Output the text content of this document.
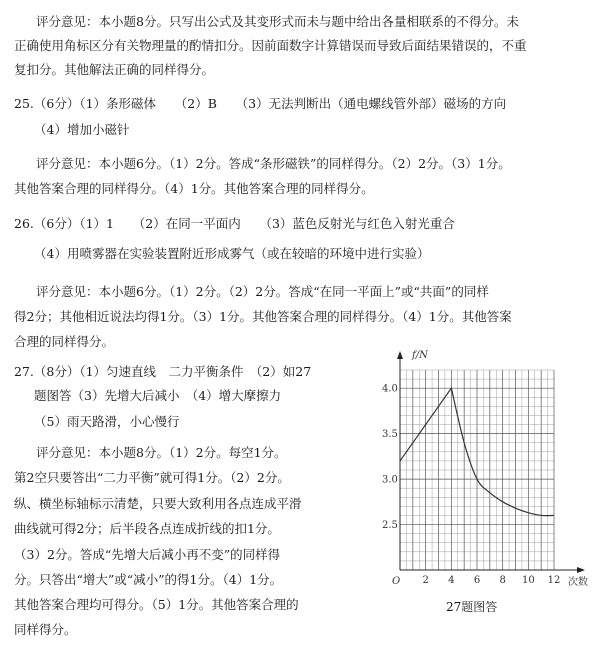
评分意见：本小题8分。只写出公式及其变形式而未与题中给出各量相联系的不得分。未
正确使用角标区分有关物理量的酌情扣分。因前面数字计算错误而导致后面结果错误的，不重
复扣分。其他解法正确的同样得分。
25.（6分）（1）条形磁体　　（2）B　　（3）无法判断出（通电螺线管外部）磁场的方向
（4）增加小磁针
评分意见：本小题6分。（1）2分。答成“条形磁铁”的同样得分。（2）2分。（3）1分。
其他答案合理的同样得分。（4）1分。其他答案合理的同样得分。
26.（6分）（1）1　　（2）在同一平面内　　（3）蓝色反射光与红色入射光重合
（4）用喷雾器在实验装置附近形成雾气（或在较暗的环境中进行实验）
评分意见：本小题6分。（1）2分。（2）2分。答成“在同一平面上”或“共面”的同样
得2分；其他相近说法均得1分。（3）1分。其他答案合理的同样得分。（4）1分。其他答案
合理的同样得分。
27.（8分）（1）匀速直线　二力平衡条件　（2）如27
题图答（3）先增大后减小　（4）增大摩擦力
（5）雨天路滑，小心慢行
评分意见：本小题8分。（1）2分。每空1分。
第2空只要答出“二力平衡”就可得1分。（2）2分。
纵、横坐标轴标示清楚，只要大致利用各点连成平滑
曲线就可得2分；后半段各点连成折线的扣1分。
（3）2分。答成“先增大后减小再不变”的同样得
分。只答出“增大”或“减小”的得1分。（4）1分。
其他答案合理均可得分。（5）1分。其他答案合理的
同样得分。
2.5
3.0
3.5
4.0
2 4 6 8 10 12
f/N
次数
O
27题图答
